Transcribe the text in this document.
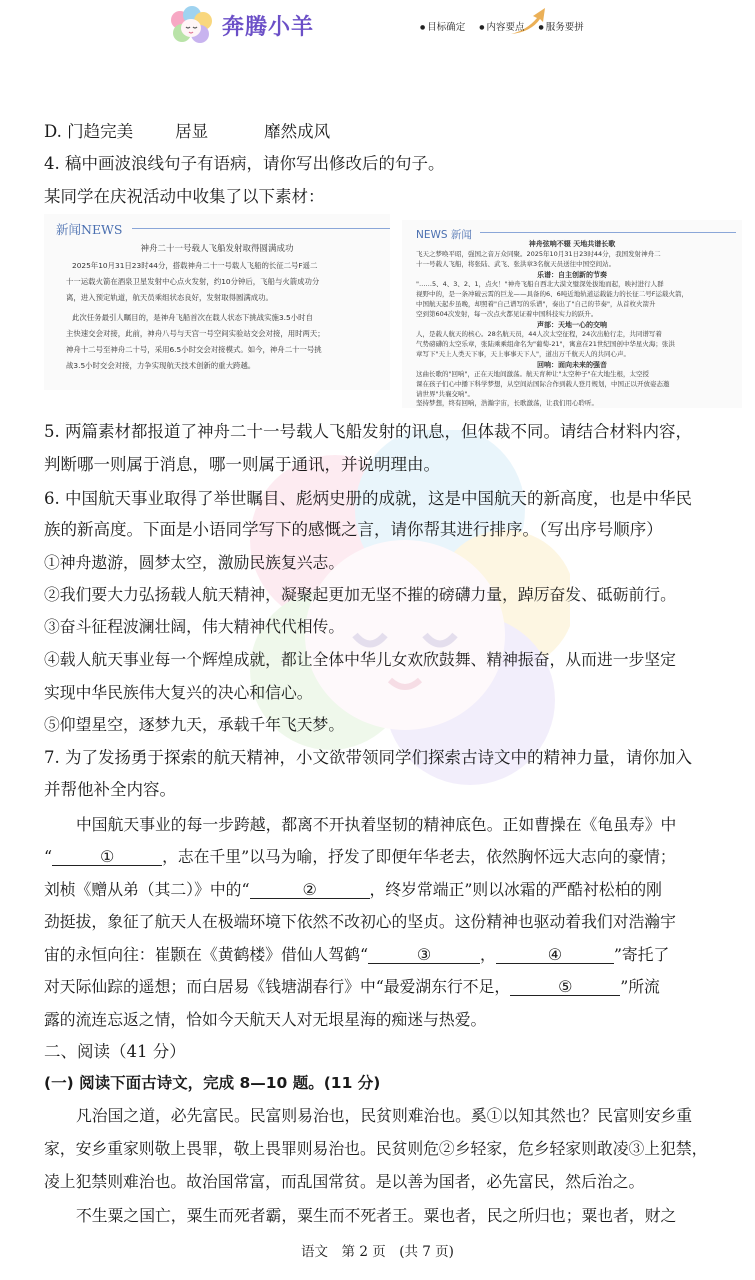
奔腾小羊	● 目标确定	● 内容要点	● 服务要拼
D. 门趋完美	居显	靡然成风
4. 稿中画波浪线句子有语病，请你写出修改后的句子。
某同学在庆祝活动中收集了以下素材：
新闻NEWS
神舟二十一号载人飞船发射取得圆满成功
2025年10月31日23时44分，搭载神舟二十一号载人飞船的长征二号F遥二
十一运载火箭在酒泉卫星发射中心点火发射，约10分钟后，飞船与火箭成功分
离，进入预定轨道，航天员乘组状态良好，发射取得圆满成功。
此次任务最引人瞩目的，是神舟飞船首次在载人状态下挑战实施3.5小时自
主快速交会对接，此前，神舟八号与天宫一号空间实验站交会对接，用时两天；
神舟十二号至神舟二十号，采用6.5小时交会对接模式。如今，神舟二十一号挑
战3.5小时交会对接，力争实现航天技术创新的重大跨越。
NEWS 新闻
神舟弦响不辍 天地共谱长歌
飞天之梦唤平昭，强国之音万众同聚。2025年10月31日23时44分，我国发射神舟二
十一号载人飞船，将张陆、武飞、张洪章3名航天员送往中国空间站。
乐谱：自主创新的节奏
"……5、4、3、2、1，点火！"神舟飞船自西北大漠文璧深处拔地而起，映衬进行人群
视野中的，是一条冲破云霄的巨龙——具备的6、6吨近地轨道运载能力的长征二号F运载火箭，
中国航天起步虽晚，却照着"自己谱写的乐谱"，奏出了"自己的节奏"，从首枚火箭升
空到第604次发射，每一次点火都见证着中国科技实力的跃升。
声部：天地一心的交响
人，是载人航天的核心。28名航天员，44人次太空征程，24次出舱行走，共同谱写着
气势磅礴的太空乐章，张陆乘乘组命名为"葡萄-21"，寓意在21世纪国创中华星火海；张洪
章写下"天上人类天下事，天上事事天下人"，道出万千航天人的共同心声。
回响：面向未来的强音
这曲长歌的"回响"，正在天地间激荡。航天育种让"太空种子"在大地生根，太空授
课在孩子们心中播下科学梦想，从空间站国际合作到载人登月规划，中国正以开放姿态邀
请世界"共襄交响"。
坚持梦想，终有回响，浩瀚宇宙，长歌激荡，让我们用心聆听。
5. 两篇素材都报道了神舟二十一号载人飞船发射的讯息，但体裁不同。请结合材料内容，
判断哪一则属于消息，哪一则属于通讯，并说明理由。
6. 中国航天事业取得了举世瞩目、彪炳史册的成就，这是中国航天的新高度，也是中华民
族的新高度。下面是小语同学写下的感慨之言，请你帮其进行排序。（写出序号顺序）
①神舟遨游，圆梦太空，激励民族复兴志。
②我们要大力弘扬载人航天精神，凝聚起更加无坚不摧的磅礴力量，踔厉奋发、砥砺前行。
③奋斗征程波澜壮阔，伟大精神代代相传。
④载人航天事业每一个辉煌成就，都让全体中华儿女欢欣鼓舞、精神振奋，从而进一步坚定
实现中华民族伟大复兴的决心和信心。
⑤仰望星空，逐梦九天，承载千年飞天梦。
7. 为了发扬勇于探索的航天精神，小文欲带领同学们探索古诗文中的精神力量，请你加入
并帮他补全内容。
中国航天事业的每一步跨越，都离不开执着坚韧的精神底色。正如曹操在《龟虽寿》中
“	①	，志在千里”以马为喻，抒发了即便年华老去，依然胸怀远大志向的豪情；
刘桢《赠从弟（其二）》中的“	②	，终岁常端正”则以冰霜的严酷衬松柏的刚
劲挺拔，象征了航天人在极端环境下依然不改初心的坚贞。这份精神也驱动着我们对浩瀚宇
宙的永恒向往：崔颢在《黄鹤楼》借仙人驾鹤“	③	，	④	”寄托了
对天际仙踪的遥想；而白居易《钱塘湖春行》中“最爱湖东行不足，	⑤	”所流
露的流连忘返之情，恰如今天航天人对无垠星海的痴迷与热爱。
二、阅读（41 分）
(一) 阅读下面古诗文，完成 8—10 题。(11 分)
凡治国之道，必先富民。民富则易治也，民贫则难治也。奚①以知其然也？民富则安乡重
家，安乡重家则敬上畏罪，敬上畏罪则易治也。民贫则危②乡轻家，危乡轻家则敢凌③上犯禁，
凌上犯禁则难治也。故治国常富，而乱国常贫。是以善为国者，必先富民，然后治之。
不生粟之国亡，粟生而死者霸，粟生而不死者王。粟也者，民之所归也；粟也者，财之
语文　第 2 页　(共 7 页)
